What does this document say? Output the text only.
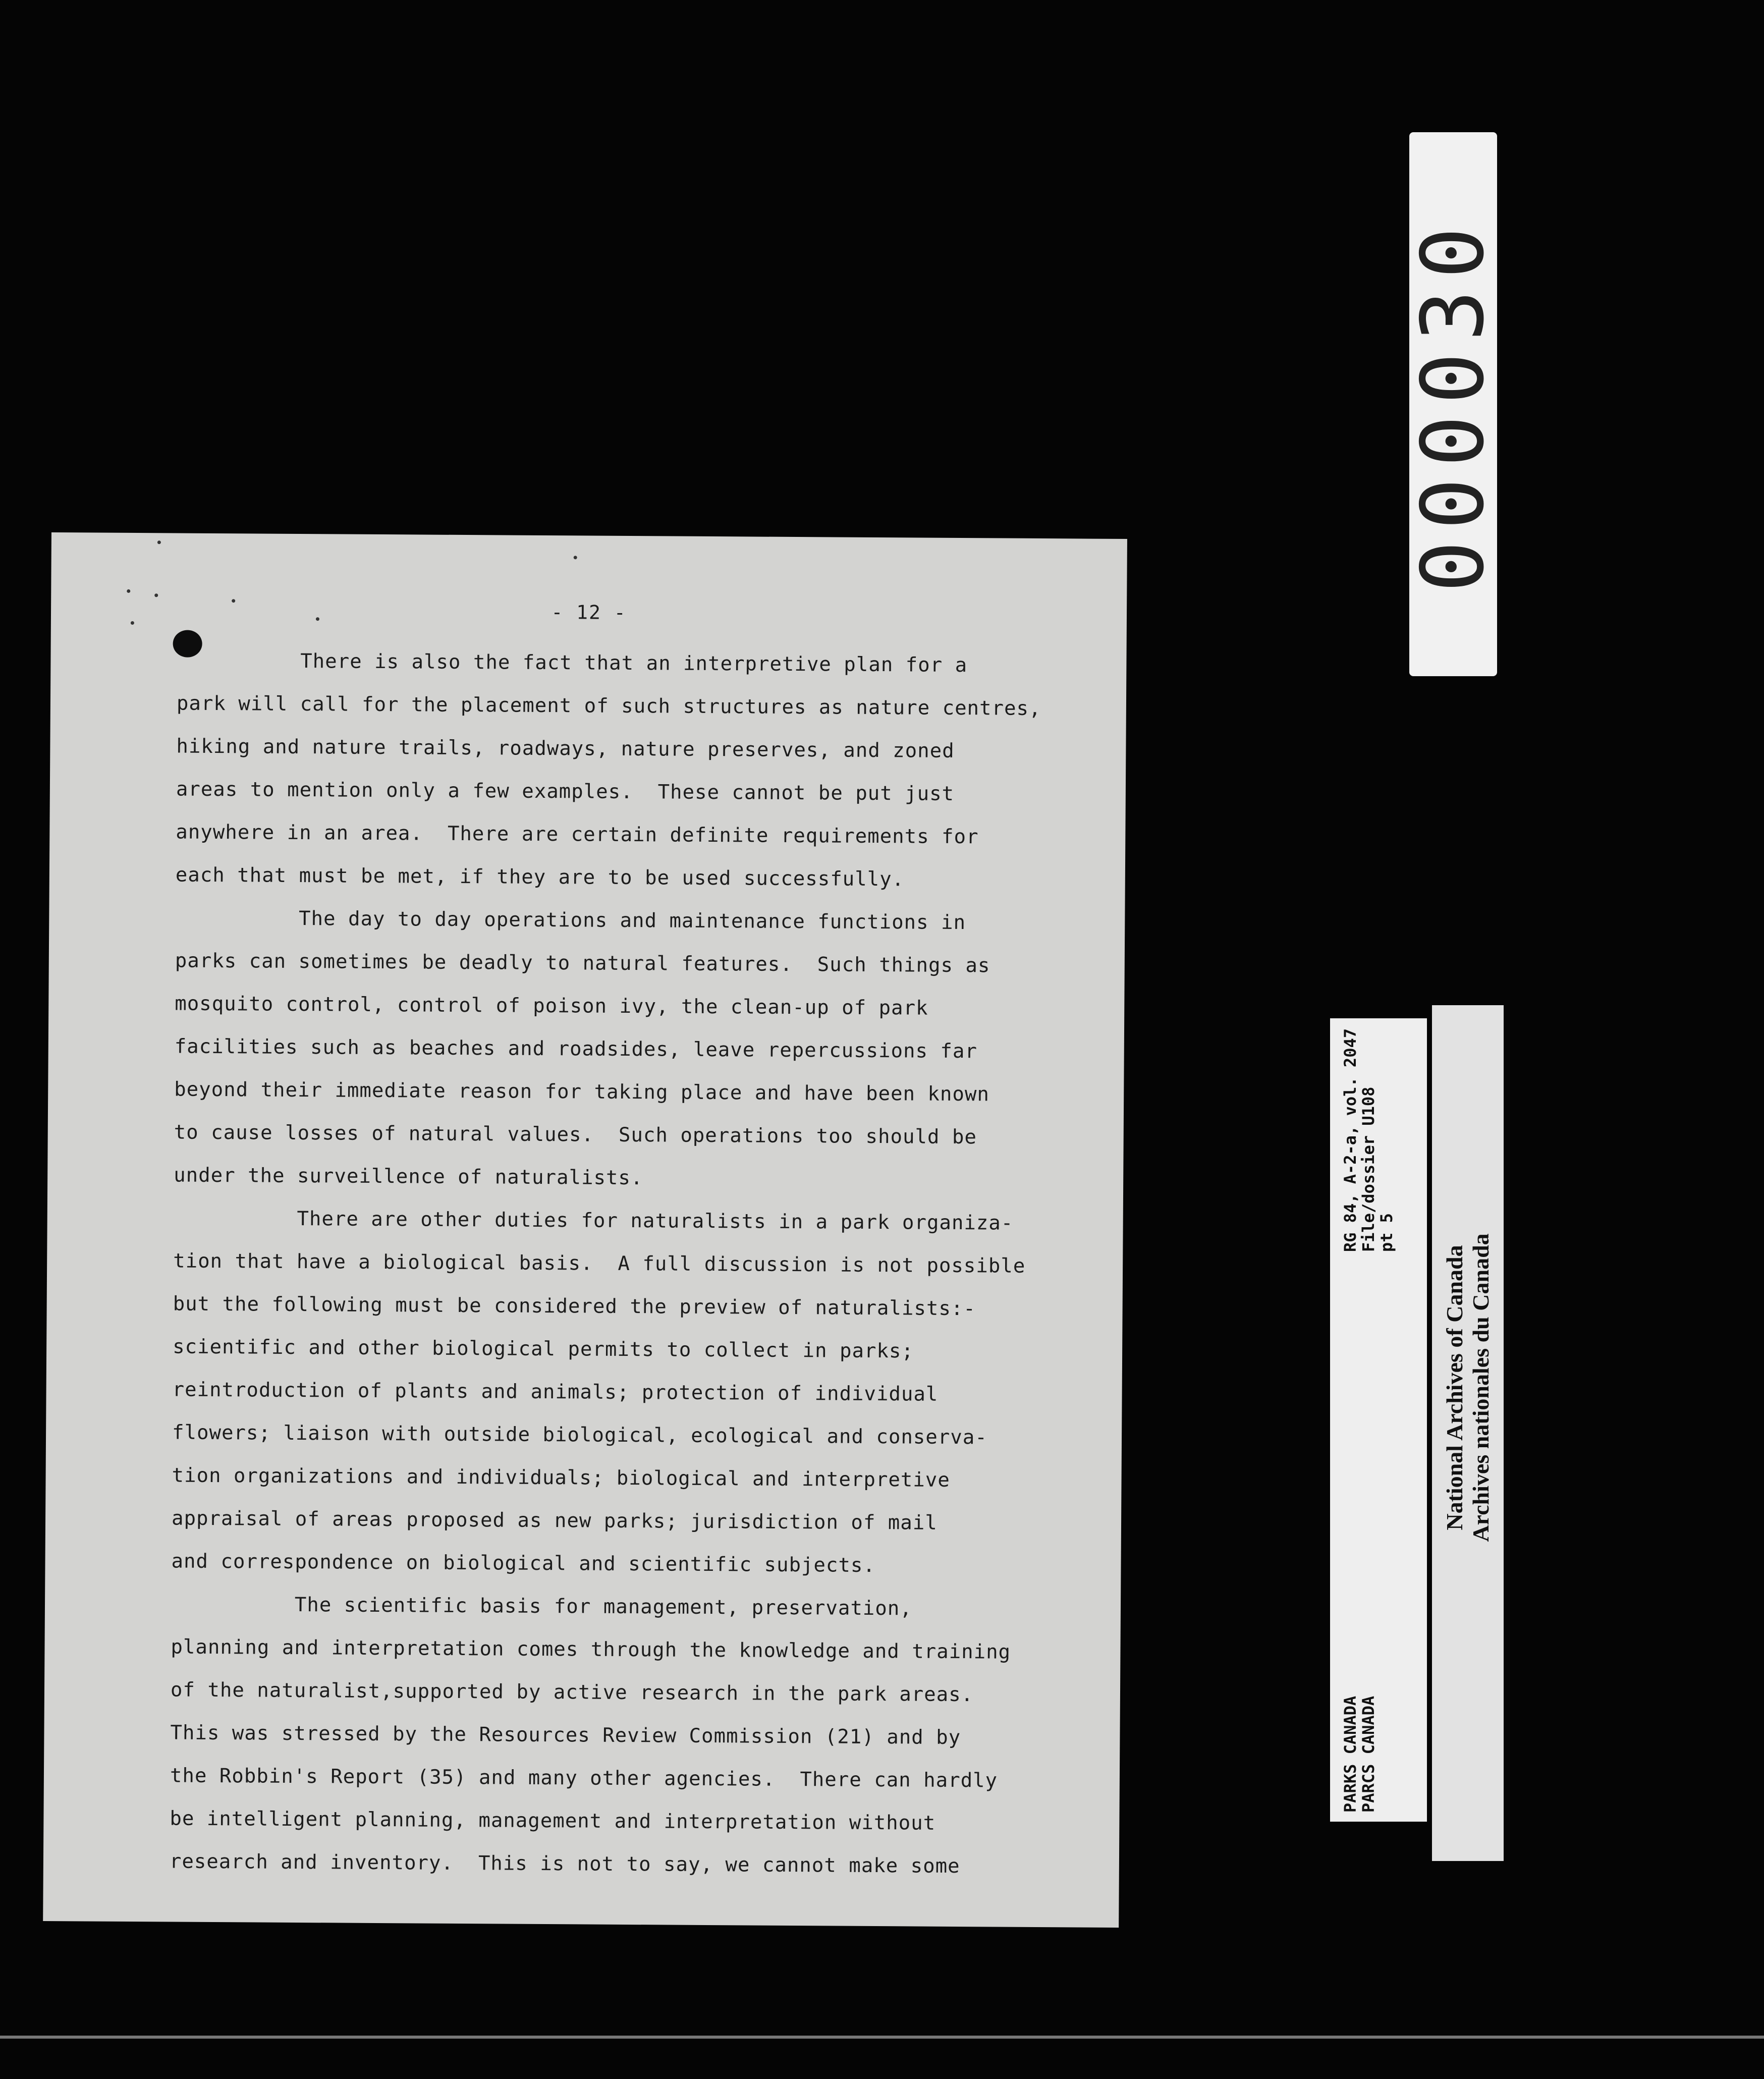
- 12 -
There is also the fact that an interpretive plan for a
park will call for the placement of such structures as nature centres,
hiking and nature trails, roadways, nature preserves, and zoned
areas to mention only a few examples.  These cannot be put just
anywhere in an area.  There are certain definite requirements for
each that must be met, if they are to be used successfully.
The day to day operations and maintenance functions in
parks can sometimes be deadly to natural features.  Such things as
mosquito control, control of poison ivy, the clean-up of park
facilities such as beaches and roadsides, leave repercussions far
beyond their immediate reason for taking place and have been known
to cause losses of natural values.  Such operations too should be
under the surveillence of naturalists.
There are other duties for naturalists in a park organiza-
tion that have a biological basis.  A full discussion is not possible
but the following must be considered the preview of naturalists:-
scientific and other biological permits to collect in parks;
reintroduction of plants and animals; protection of individual
flowers; liaison with outside biological, ecological and conserva-
tion organizations and individuals; biological and interpretive
appraisal of areas proposed as new parks; jurisdiction of mail
and correspondence on biological and scientific subjects.
The scientific basis for management, preservation,
planning and interpretation comes through the knowledge and training
of the naturalist,supported by active research in the park areas.
This was stressed by the Resources Review Commission (21) and by
the Robbin's Report (35) and many other agencies.  There can hardly
be intelligent planning, management and interpretation without
research and inventory.  This is not to say, we cannot make some
000030
RG 84, A-2-a, vol. 2047
File/dossier U108
pt 5
PARKS CANADA
PARCS CANADA
National Archives of Canada Archives nationales du Canada
